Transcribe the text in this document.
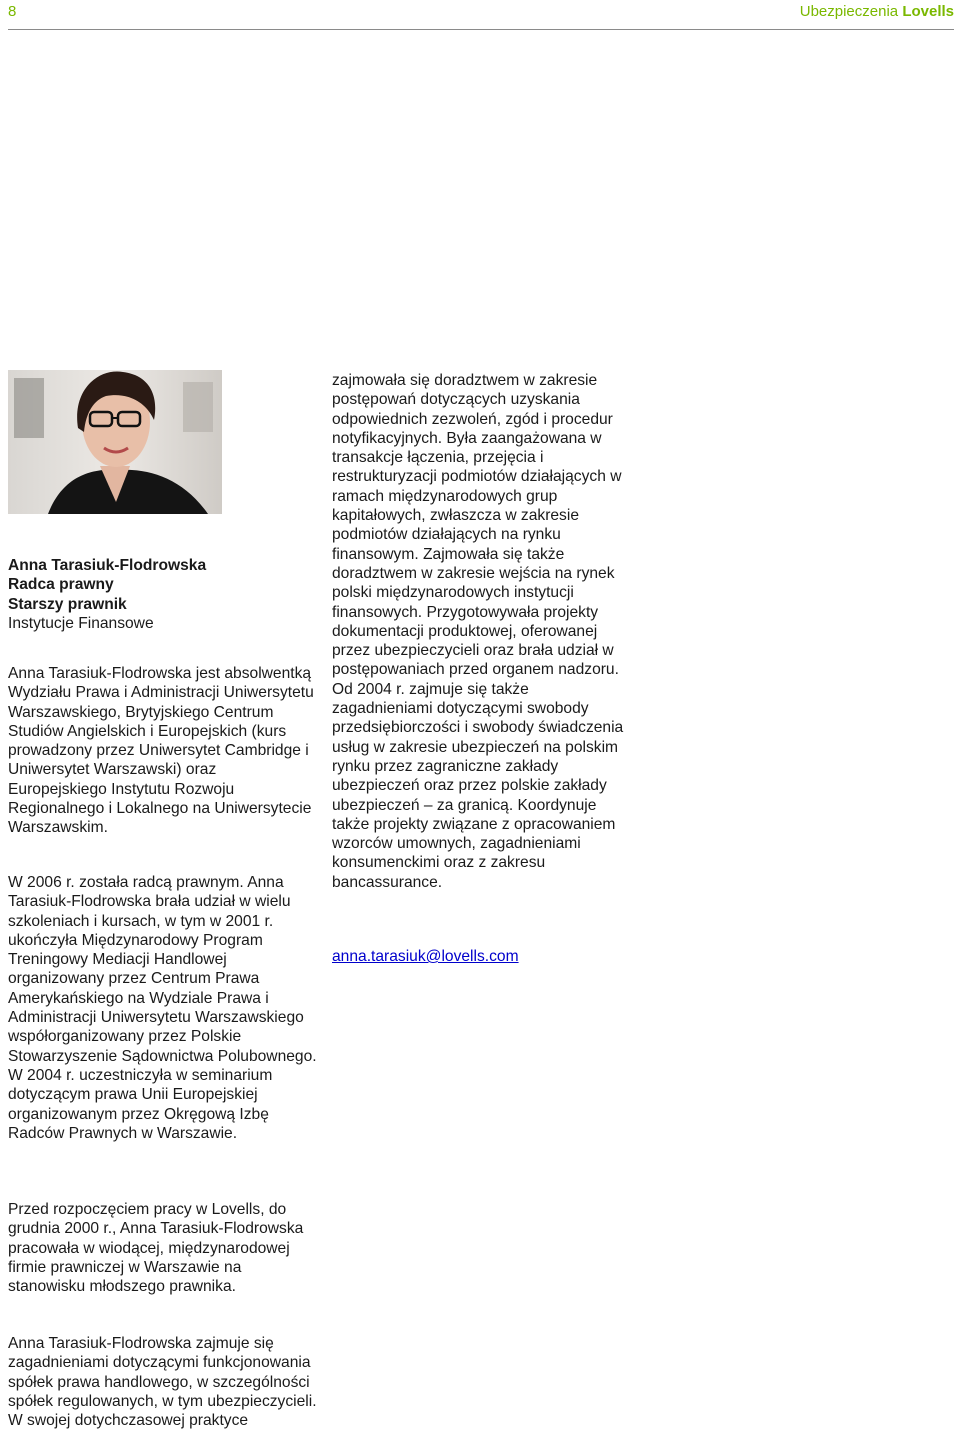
8	Ubezpieczenia Lovells
Anna Tarasiuk-Flodrowska
Radca prawny
Starszy prawnik
Instytucje Finansowe

Anna Tarasiuk-Flodrowska jest absolwentką Wydziału Prawa i Administracji Uniwersytetu Warszawskiego, Brytyjskiego Centrum Studiów Angielskich i Europejskich (kurs prowadzony przez Uniwersytet Cambridge i Uniwersytet Warszawski) oraz Europejskiego Instytutu Rozwoju Regionalnego i Lokalnego na Uniwersytecie Warszawskim.

W 2006 r. została radcą prawnym. Anna Tarasiuk-Flodrowska brała udział w wielu szkoleniach i kursach, w tym w 2001 r. ukończyła Międzynarodowy Program Treningowy Mediacji Handlowej organizowany przez Centrum Prawa Amerykańskiego na Wydziale Prawa i Administracji Uniwersytetu Warszawskiego współorganizowany przez Polskie Stowarzyszenie Sądownictwa Polubownego. W 2004 r. uczestniczyła w seminarium dotyczącym prawa Unii Europejskiej organizowanym przez Okręgową Izbę Radców Prawnych w Warszawie.

Przed rozpoczęciem pracy w Lovells, do grudnia 2000 r., Anna Tarasiuk-Flodrowska pracowała w wiodącej, międzynarodowej firmie prawniczej w Warszawie na stanowisku młodszego prawnika.

Anna Tarasiuk-Flodrowska zajmuje się zagadnieniami dotyczącymi funkcjonowania spółek prawa handlowego, w szczególności spółek regulowanych, w tym ubezpieczycieli. W swojej dotychczasowej praktyce

zajmowała się doradztwem w zakresie postępowań dotyczących uzyskania odpowiednich zezwoleń, zgód i procedur notyfikacyjnych. Była zaangażowana w transakcje łączenia, przejęcia i restrukturyzacji podmiotów działających w ramach międzynarodowych grup kapitałowych, zwłaszcza w zakresie podmiotów działających na rynku finansowym. Zajmowała się także doradztwem w zakresie wejścia na rynek polski międzynarodowych instytucji finansowych. Przygotowywała projekty dokumentacji produktowej, oferowanej przez ubezpieczycieli oraz brała udział w postępowaniach przed organem nadzoru. Od 2004 r. zajmuje się także zagadnieniami dotyczącymi swobody przedsiębiorczości i swobody świadczenia usług w zakresie ubezpieczeń na polskim rynku przez zagraniczne zakłady ubezpieczeń oraz przez polskie zakłady ubezpieczeń – za granicą. Koordynuje także projekty związane z opracowaniem wzorców umownych, zagadnieniami konsumenckimi oraz z zakresu bancassurance.

anna.tarasiuk@lovells.com
